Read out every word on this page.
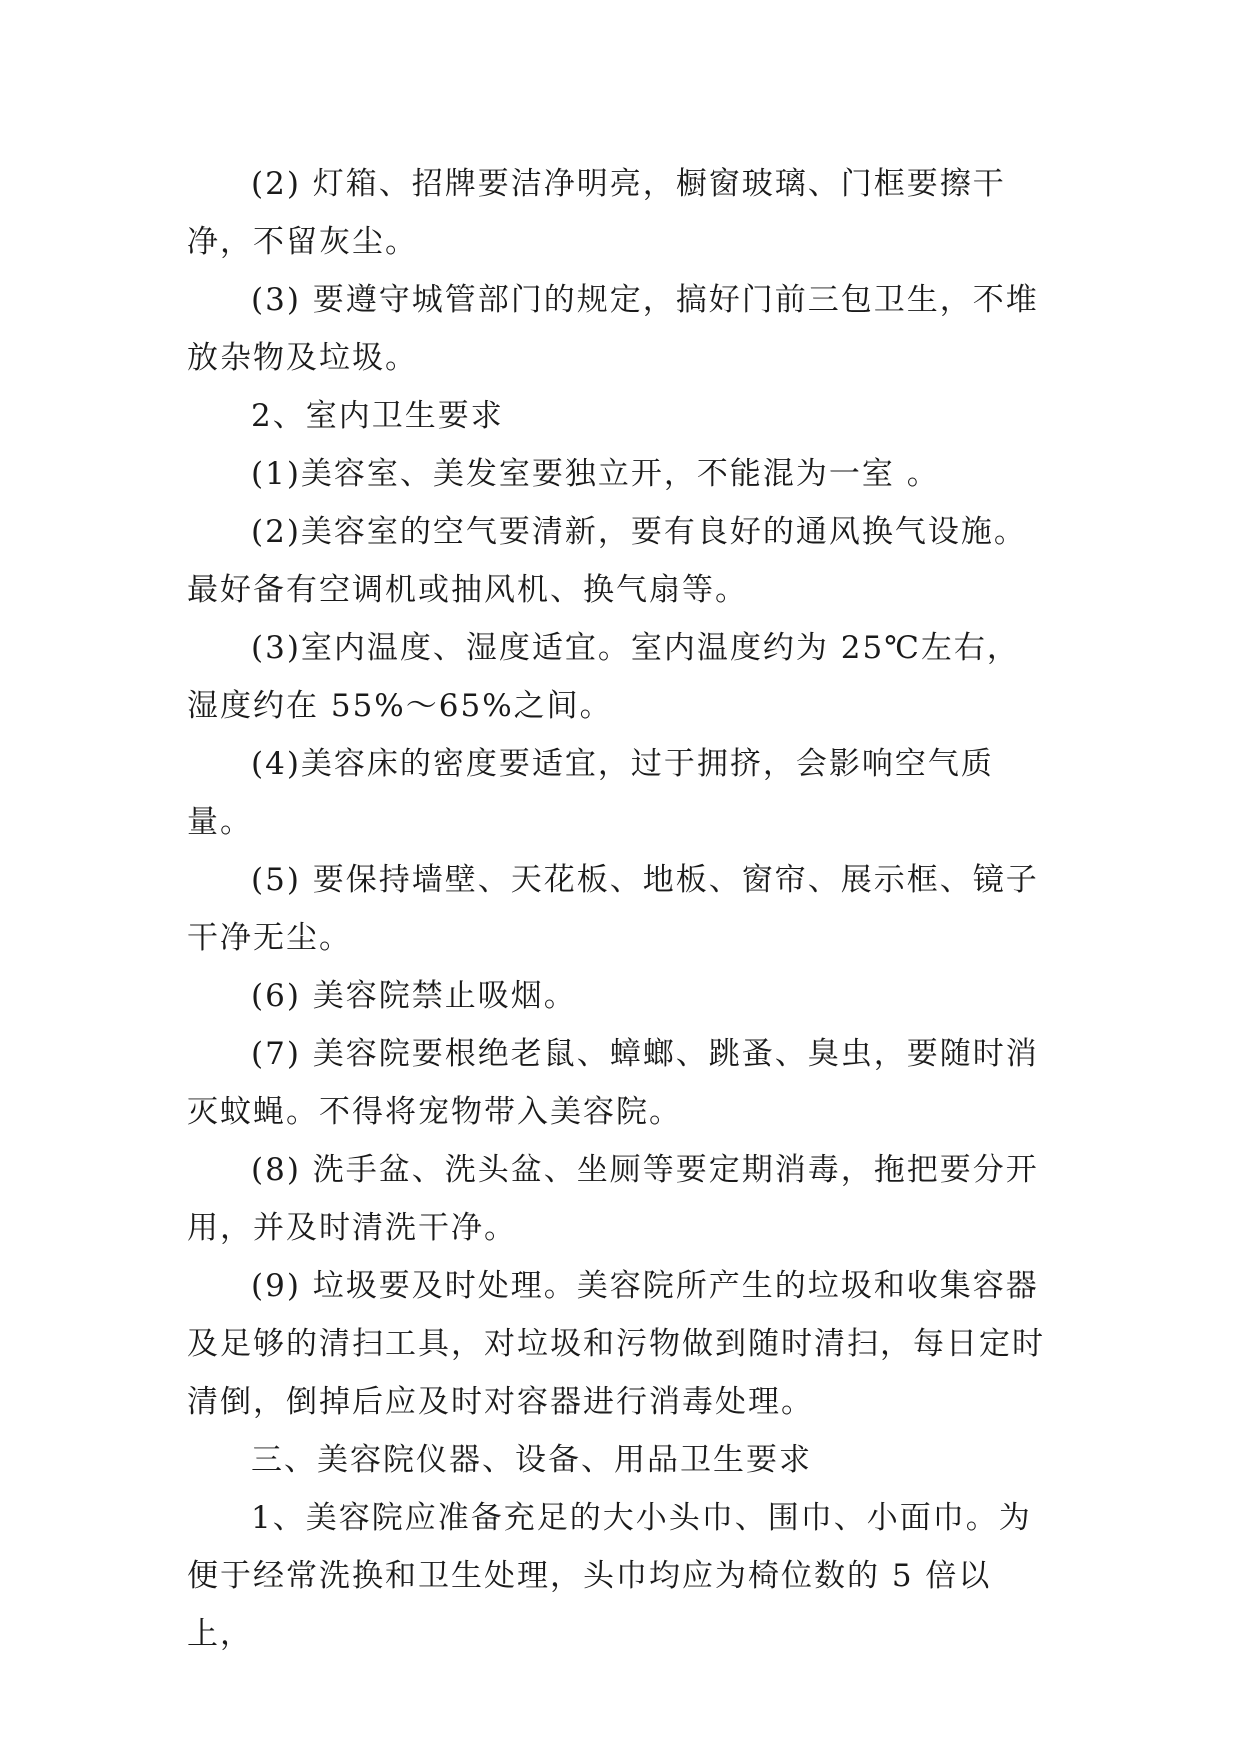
(2) 灯箱、招牌要洁净明亮，橱窗玻璃、门框要擦干净，不留灰尘。

(3) 要遵守城管部门的规定，搞好门前三包卫生，不堆放杂物及垃圾。

2、室内卫生要求

(1)美容室、美发室要独立开，不能混为一室 。

(2)美容室的空气要清新，要有良好的通风换气设施。最好备有空调机或抽风机、换气扇等。

(3)室内温度、湿度适宜。室内温度约为 25℃左右，湿度约在 55%～65%之间。

(4)美容床的密度要适宜，过于拥挤，会影响空气质量。

(5) 要保持墙壁、天花板、地板、窗帘、展示框、镜子干净无尘。

(6) 美容院禁止吸烟。

(7) 美容院要根绝老鼠、蟑螂、跳蚤、臭虫，要随时消灭蚊蝇。不得将宠物带入美容院。

(8) 洗手盆、洗头盆、坐厕等要定期消毒，拖把要分开用，并及时清洗干净。

(9) 垃圾要及时处理。美容院所产生的垃圾和收集容器及足够的清扫工具，对垃圾和污物做到随时清扫，每日定时清倒，倒掉后应及时对容器进行消毒处理。

三、美容院仪器、设备、用品卫生要求

1、美容院应准备充足的大小头巾、围巾、小面巾。为便于经常洗换和卫生处理，头巾均应为椅位数的 5 倍以上，
